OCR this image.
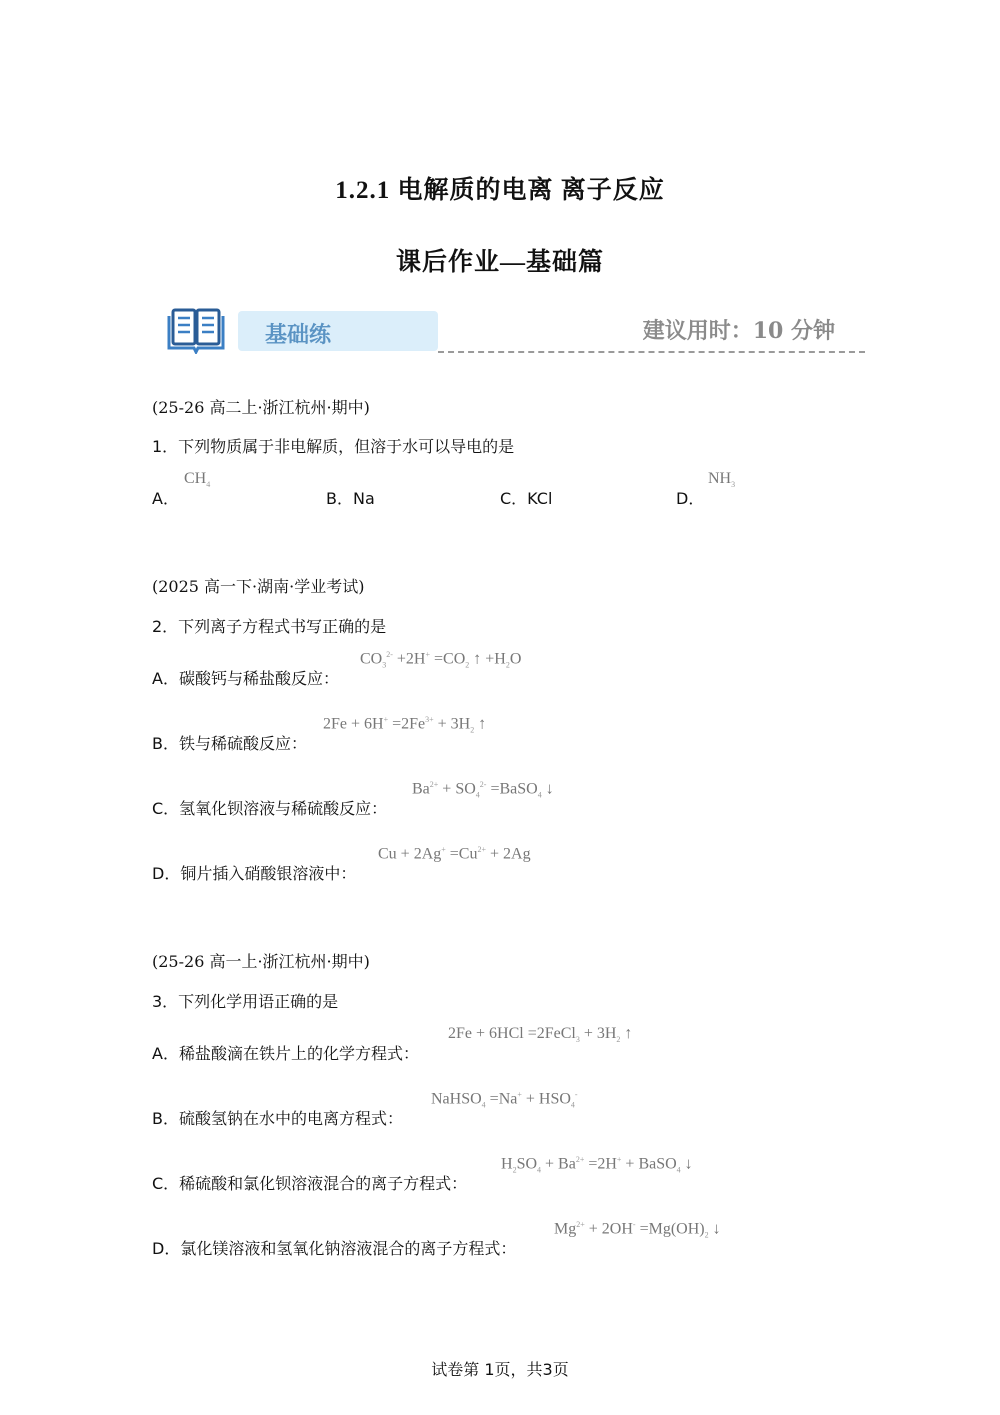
1.2.1 电解质的电离 离子反应
课后作业—基础篇
基础练	建议用时：10 分钟
(25-26 高二上·浙江杭州·期中)
1．下列物质属于非电解质，但溶于水可以导电的是
A．
$CH_4$
B．Na	C．KCl	D．
$NH_3$
(2025 高一下·湖南·学业考试)
2．下列离子方程式书写正确的是
A．碳酸钙与稀盐酸反应：
$CO_3^{2-} +2H^+ =CO_2$ ↑ $+H_2O$
B．铁与稀硫酸反应：
$2Fe + 6H^+ =2Fe^{3+} + 3H_2$ ↑
C．氢氧化钡溶液与稀硫酸反应：
$Ba^{2+} + SO_4^{2-}$ =BaSO$_4$ ↓
D．铜片插入硝酸银溶液中：
$Cu + 2Ag^+ =Cu^{2+} + 2Ag$
(25-26 高一上·浙江杭州·期中)
3．下列化学用语正确的是
A．稀盐酸滴在铁片上的化学方程式：
2Fe + 6HCl =2FeCl$_3$ + $3H_2$ ↑
B．硫酸氢钠在水中的电离方程式：
NaHSO$_4$ $=Na^+ + HSO_4^-$
C．稀硫酸和氯化钡溶液混合的离子方程式：
$H_2SO_4 + Ba^{2+} =2H^+$ + BaSO$_4$ ↓
D．氯化镁溶液和氢氧化钠溶液混合的离子方程式：
$Mg^{2+} + 2OH^- =Mg(OH)_2$ ↓
试卷第 1页，共3页
